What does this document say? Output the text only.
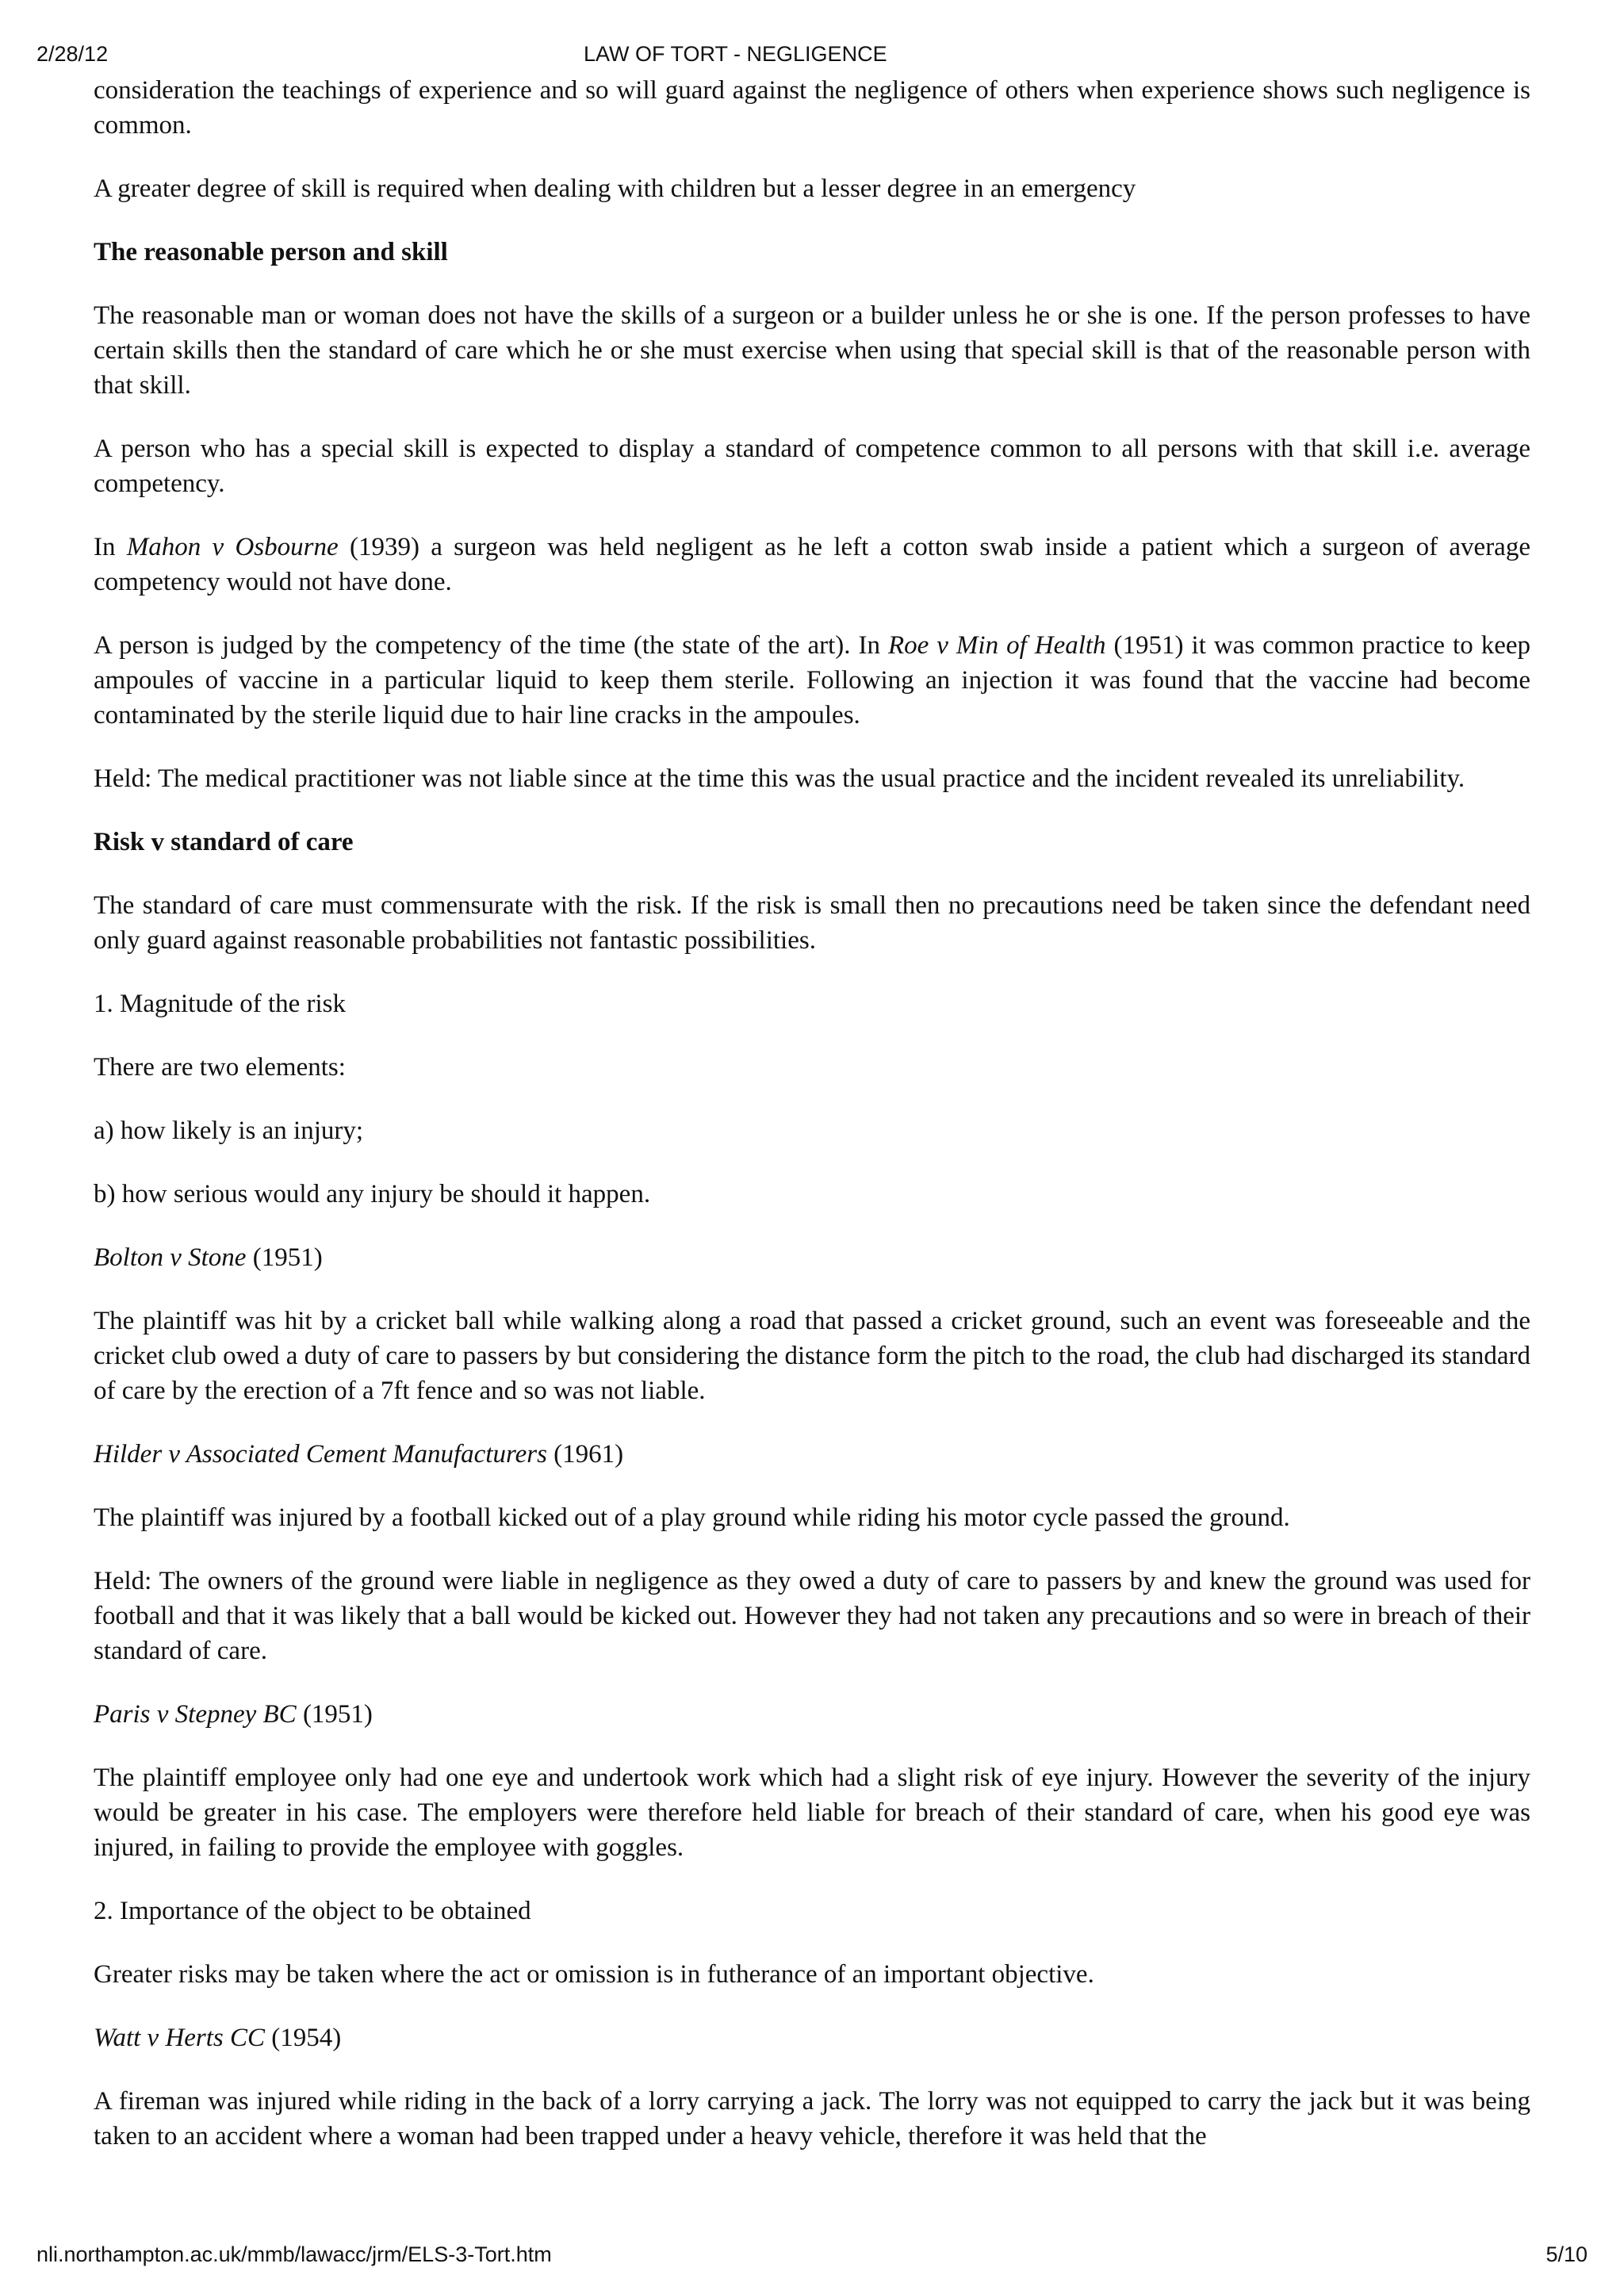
2/28/12	LAW OF TORT - NEGLIGENCE

consideration the teachings of experience and so will guard against the negligence of others when experience shows such negligence is common.

A greater degree of skill is required when dealing with children but a lesser degree in an emergency

The reasonable person and skill

The reasonable man or woman does not have the skills of a surgeon or a builder unless he or she is one. If the person professes to have certain skills then the standard of care which he or she must exercise when using that special skill is that of the reasonable person with that skill.

A person who has a special skill is expected to display a standard of competence common to all persons with that skill i.e. average competency.

In Mahon v Osbourne (1939) a surgeon was held negligent as he left a cotton swab inside a patient which a surgeon of average competency would not have done.

A person is judged by the competency of the time (the state of the art). In Roe v Min of Health (1951) it was common practice to keep ampoules of vaccine in a particular liquid to keep them sterile. Following an injection it was found that the vaccine had become contaminated by the sterile liquid due to hair line cracks in the ampoules.

Held: The medical practitioner was not liable since at the time this was the usual practice and the incident revealed its unreliability.

Risk v standard of care

The standard of care must commensurate with the risk. If the risk is small then no precautions need be taken since the defendant need only guard against reasonable probabilities not fantastic possibilities.

1. Magnitude of the risk

There are two elements:

a) how likely is an injury;

b) how serious would any injury be should it happen.

Bolton v Stone (1951)

The plaintiff was hit by a cricket ball while walking along a road that passed a cricket ground, such an event was foreseeable and the cricket club owed a duty of care to passers by but considering the distance form the pitch to the road, the club had discharged its standard of care by the erection of a 7ft fence and so was not liable.

Hilder v Associated Cement Manufacturers (1961)

The plaintiff was injured by a football kicked out of a play ground while riding his motor cycle passed the ground.

Held: The owners of the ground were liable in negligence as they owed a duty of care to passers by and knew the ground was used for football and that it was likely that a ball would be kicked out. However they had not taken any precautions and so were in breach of their standard of care.

Paris v Stepney BC (1951)

The plaintiff employee only had one eye and undertook work which had a slight risk of eye injury. However the severity of the injury would be greater in his case. The employers were therefore held liable for breach of their standard of care, when his good eye was injured, in failing to provide the employee with goggles.

2. Importance of the object to be obtained

Greater risks may be taken where the act or omission is in futherance of an important objective.

Watt v Herts CC (1954)

A fireman was injured while riding in the back of a lorry carrying a jack. The lorry was not equipped to carry the jack but it was being taken to an accident where a woman had been trapped under a heavy vehicle, therefore it was held that the

nli.northampton.ac.uk/mmb/lawacc/jrm/ELS-3-Tort.htm	5/10
